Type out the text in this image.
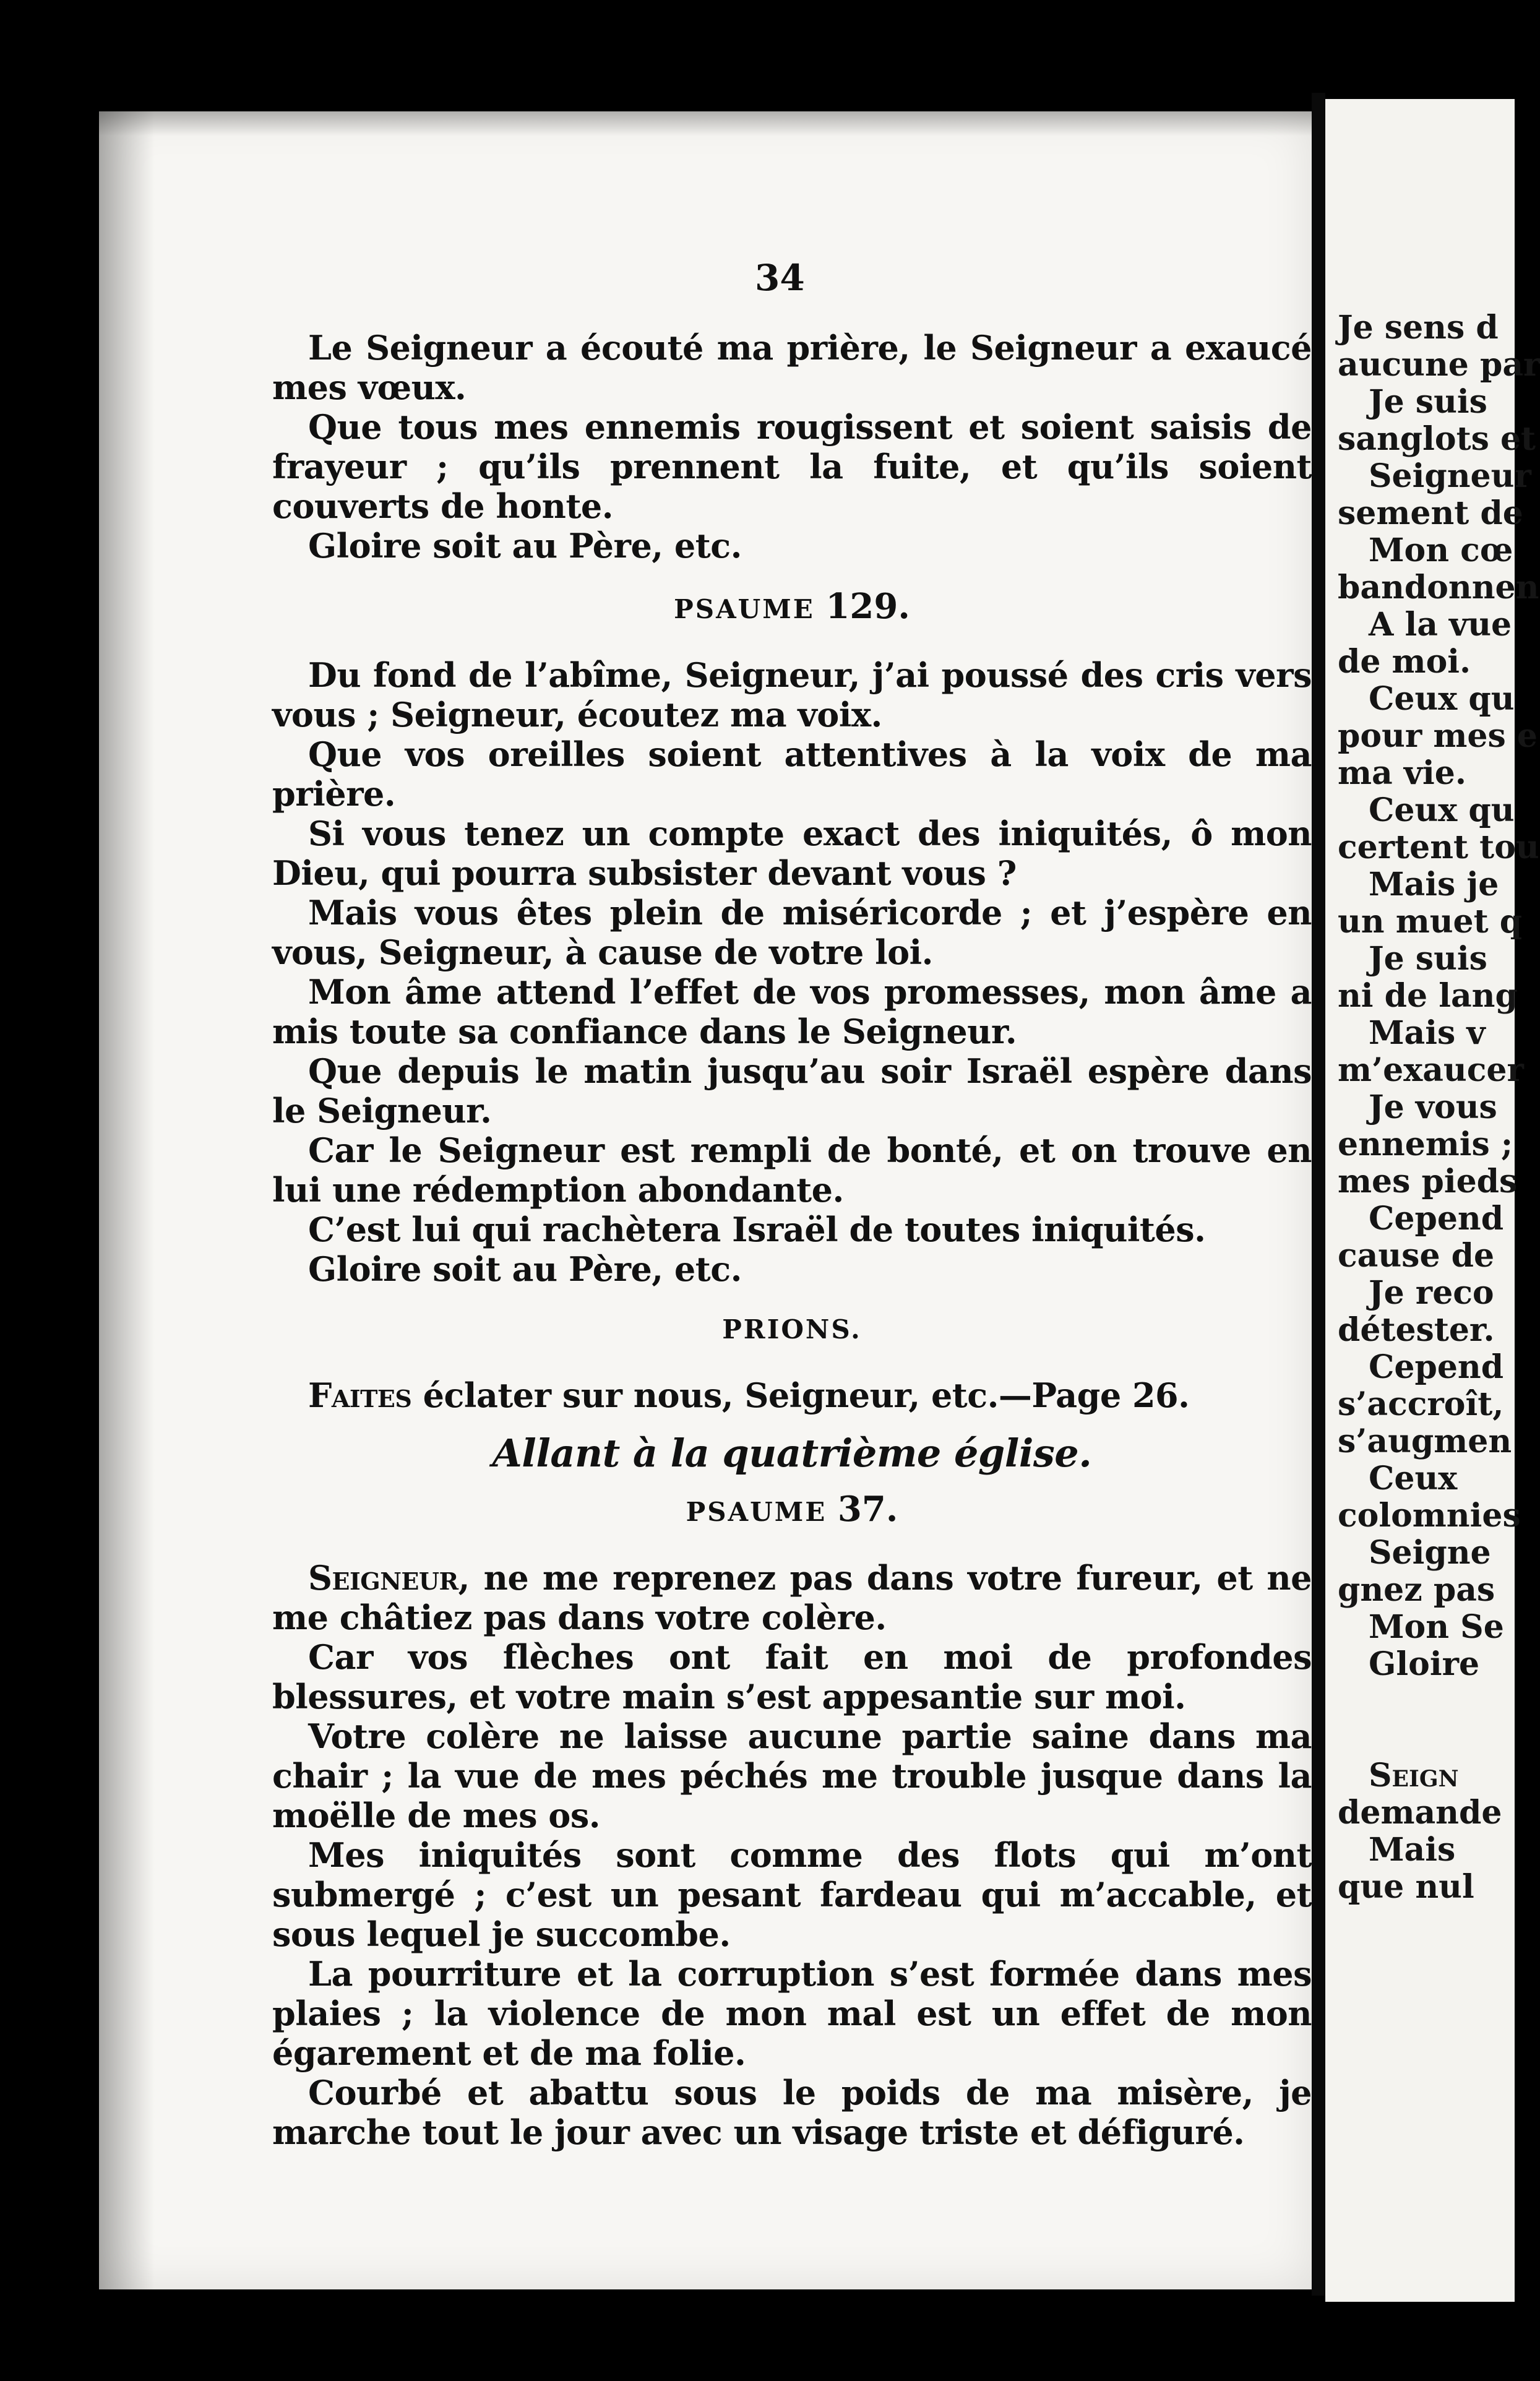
34

Le Seigneur a écouté ma prière, le Seigneur a exaucé mes vœux.

Que tous mes ennemis rougissent et soient saisis de frayeur ; qu’ils prennent la fuite, et qu’ils soient couverts de honte.

Gloire soit au Père, etc.

PSAUME 129.

Du fond de l’abîme, Seigneur, j’ai poussé des cris vers vous ; Seigneur, écoutez ma voix.

Que vos oreilles soient attentives à la voix de ma prière.

Si vous tenez un compte exact des iniquités, ô mon Dieu, qui pourra subsister devant vous ?

Mais vous êtes plein de miséricorde ; et j’espère en vous, Seigneur, à cause de votre loi.

Mon âme attend l’effet de vos promesses, mon âme a mis toute sa confiance dans le Seigneur.

Que depuis le matin jusqu’au soir Israël espère dans le Seigneur.

Car le Seigneur est rempli de bonté, et on trouve en lui une rédemption abondante.

C’est lui qui rachètera Israël de toutes iniquités.

Gloire soit au Père, etc.

PRIONS.

Faites éclater sur nous, Seigneur, etc.—Page 26.

Allant à la quatrième église.
PSAUME 37.

Seigneur, ne me reprenez pas dans votre fureur, et ne me châtiez pas dans votre colère.

Car vos flèches ont fait en moi de profondes blessures, et votre main s’est appesantie sur moi.

Votre colère ne laisse aucune partie saine dans ma chair ; la vue de mes péchés me trouble jusque dans la moëlle de mes os.

Mes iniquités sont comme des flots qui m’ont submergé ; c’est un pesant fardeau qui m’accable, et sous lequel je succombe.

La pourriture et la corruption s’est formée dans mes plaies ; la violence de mon mal est un effet de mon égarement et de ma folie.

Courbé et abattu sous le poids de ma misère, je marche tout le jour avec un visage triste et défiguré.

Je sens d
aucune par
Je suis
sanglots et
Seigneur
sement de
Mon cœ
bandonnen
A la vue
de moi.
Ceux qu
pour mes e
ma vie.
Ceux qu
certent tou
Mais je
un muet q
Je suis
ni de lang
Mais v
m’exaucer
Je vous
ennemis ;
mes pieds
Cepend
cause de
Je reco
détester.
Cepend
s’accroît,
s’augmen
Ceux
colomnies
Seigne
gnez pas
Mon Se
Gloire
Seign
demande
Mais
que nul
